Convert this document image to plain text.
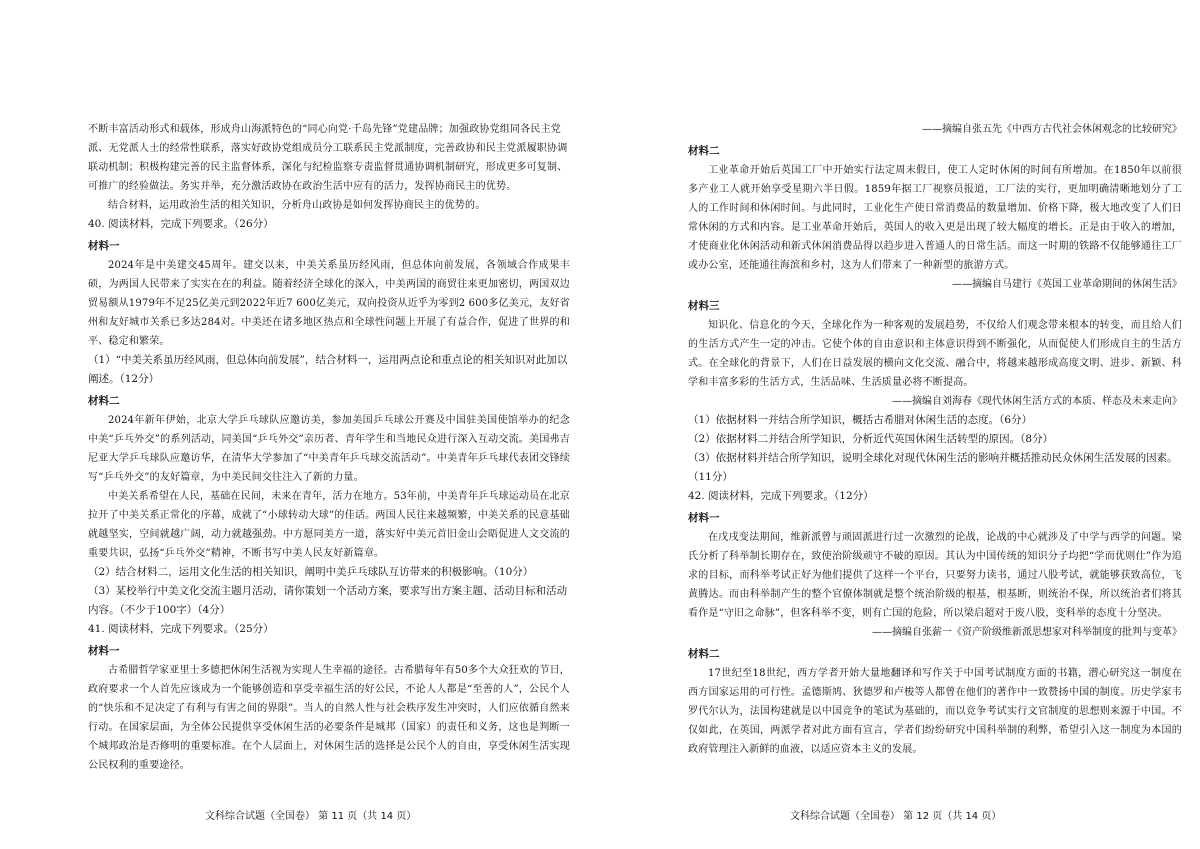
不断丰富活动形式和载体，形成舟山海派特色的“同心向党·千岛先锋”党建品牌；加强政协党组同各民主党派、无党派人士的经常性联系，落实好政协党组成员分工联系民主党派制度，完善政协和民主党派履职协调联动机制；积极构建完善的民主监督体系，深化与纪检监察专责监督贯通协调机制研究，形成更多可复制、可推广的经验做法。务实并举，充分激活政协在政治生活中应有的活力，发挥协商民主的优势。

结合材料，运用政治生活的相关知识，分析舟山政协是如何发挥协商民主的优势的。

40. 阅读材料，完成下列要求。（26分）

材料一

2024年是中美建交45周年。建交以来，中美关系虽历经风雨，但总体向前发展，各领域合作成果丰硕，为两国人民带来了实实在在的利益。随着经济全球化的深入，中美两国的商贸往来更加密切，两国双边贸易额从1979年不足25亿美元到2022年近7 600亿美元，双向投资从近乎为零到2 600多亿美元，友好省州和友好城市关系已多达284对。中美还在诸多地区热点和全球性问题上开展了有益合作，促进了世界的和平、稳定和繁荣。

（1）“中美关系虽历经风雨，但总体向前发展”，结合材料一，运用两点论和重点论的相关知识对此加以阐述。（12分）

材料二

2024年新年伊始，北京大学乒乓球队应邀访美，参加美国乒乓球公开赛及中国驻美国使馆举办的纪念中美“乒乓外交”的系列活动，同美国“乒乓外交”亲历者、青年学生和当地民众进行深入互动交流。美国弗吉尼亚大学乒乓球队应邀访华，在清华大学参加了“中美青年乒乓球交流活动”。中美青年乒乓球代表团交锋续写“乒乓外交”的友好篇章，为中美民间交往注入了新的力量。

中美关系希望在人民，基础在民间，未来在青年，活力在地方。53年前，中美青年乒乓球运动员在北京拉开了中美关系正常化的序幕，成就了“小球转动大球”的佳话。两国人民往来越频繁，中美关系的民意基础就越坚实，空间就越广阔，动力就越强劲。中方愿同美方一道，落实好中美元首旧金山会晤促进人文交流的重要共识，弘扬“乒乓外交”精神，不断书写中美人民友好新篇章。

（2）结合材料二，运用文化生活的相关知识，阐明中美乒乓球队互访带来的积极影响。（10分）

（3）某校举行中美文化交流主题月活动，请你策划一个活动方案，要求写出方案主题、活动目标和活动内容。（不少于100字）（4分）

41. 阅读材料，完成下列要求。（25分）

材料一

古希腊哲学家亚里士多德把休闲生活视为实现人生幸福的途径。古希腊每年有50多个大众狂欢的节日，政府要求一个人首先应该成为一个能够创造和享受幸福生活的好公民，不论人人都是“至善的人”，公民个人的“快乐和不足决定了有利与有害之间的界限”。当人的自然人性与社会秩序发生冲突时，人们应依循自然来行动。在国家层面，为全体公民提供享受休闲生活的必要条件是城邦（国家）的责任和义务，这也是判断一个城邦政治是否修明的重要标准。在个人层面上，对休闲生活的选择是公民个人的自由，享受休闲生活实现公民权利的重要途径。

文科综合试题（全国卷） 第 11 页（共 14 页）

——摘编自张五先《中西方古代社会休闲观念的比较研究》

材料二

工业革命开始后英国工厂中开始实行法定周末假日，使工人定时休闲的时间有所增加。在1850年以前很多产业工人就开始享受星期六半日假。1859年据工厂视察员报道，工厂法的实行，更加明确清晰地划分了工人的工作时间和休闲时间。与此同时，工业化生产使日常消费品的数量增加、价格下降，极大地改变了人们日常休闲的方式和内容。是工业革命开始后，英国人的收入更是出现了较大幅度的增长。正是由于收入的增加，才使商业化休闲活动和新式休闲消费品得以趋步进入普通人的日常生活。而这一时期的铁路不仅能够通往工厂或办公室，还能通往海滨和乡村，这为人们带来了一种新型的旅游方式。

——摘编自马建行《英国工业革命期间的休闲生活》

材料三

知识化、信息化的今天，全球化作为一种客观的发展趋势，不仅给人们观念带来根本的转变，而且给人们的生活方式产生一定的冲击。它使个体的自由意识和主体意识得到不断强化，从而促使人们形成自主的生活方式。在全球化的背景下，人们在日益发展的横向文化交流、融合中，将越来越形成高度文明、进步、新颖、科学和丰富多彩的生活方式，生活品味、生活质量必将不断提高。

——摘编自刘海春《现代休闲生活方式的本质、样态及未来走向》

（1）依据材料一并结合所学知识，概括古希腊对休闲生活的态度。（6分）

（2）依据材料二并结合所学知识，分析近代英国休闲生活转型的原因。（8分）

（3）依据材料并结合所学知识，说明全球化对现代休闲生活的影响并概括推动民众休闲生活发展的因素。（11分）

42. 阅读材料，完成下列要求。（12分）

材料一

在戊戌变法期间，维新派曾与顽固派进行过一次激烈的论战，论战的中心就涉及了中学与西学的问题。梁氏分析了科举制长期存在，致使治阶级顽守不破的原因。其认为中国传统的知识分子均把“学而优则仕”作为追求的目标，而科举考试正好为他们提供了这样一个平台，只要努力读书，通过八股考试，就能够获致高位，飞黄腾达。而由科举制产生的整个官僚体制就是整个统治阶级的根基，根基断，则统治不保，所以统治者们将其看作是“守旧之命脉”，但客科举不变，则有亡国的危险，所以梁启超对于废八股，变科举的态度十分坚决。

——摘编自张薪一《资产阶级维新派思想家对科举制度的批判与变革》

材料二

17世纪至18世纪，西方学者开始大量地翻译和写作关于中国考试制度方面的书籍，潜心研究这一制度在西方国家运用的可行性。孟德斯鸠、狄德罗和卢梭等人都曾在他们的著作中一致赞扬中国的制度。历史学家韦罗代尔认为，法国构建就是以中国竞争的笔试为基础的，而以竞争考试实行文官制度的思想则来源于中国。不仅如此，在英国，两派学者对此方面有宣言，学者们纷纷研究中国科举制的利弊，希望引入这一制度为本国的政府管理注入新鲜的血液，以适应资本主义的发展。

文科综合试题（全国卷） 第 12 页（共 14 页）
